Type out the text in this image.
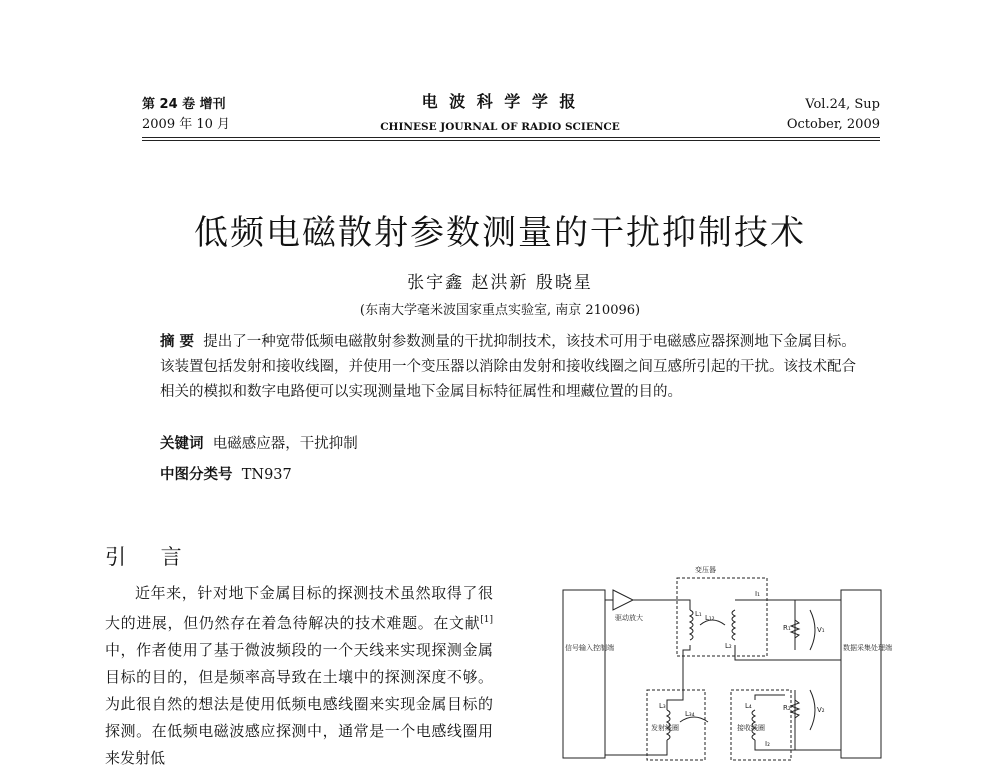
第 24 卷 增刊
2009 年 10 月
电 波 科 学 学 报
CHINESE JOURNAL OF RADIO SCIENCE
Vol.24, Sup
October, 2009
低频电磁散射参数测量的干扰抑制技术
张宇鑫 赵洪新 殷晓星
(东南大学毫米波国家重点实验室, 南京 210096)
摘 要 提出了一种宽带低频电磁散射参数测量的干扰抑制技术，该技术可用于电磁感应器探测地下金属目标。该装置包括发射和接收线圈，并使用一个变压器以消除由发射和接收线圈之间互感所引起的干扰。该技术配合相关的模拟和数字电路便可以实现测量地下金属目标特征属性和埋藏位置的目的。
关键词 电磁感应器，干扰抑制
中图分类号 TN937
引 言
近年来，针对地下金属目标的探测技术虽然取得了很大的进展，但仍然存在着急待解决的技术难题。在文献[1]中，作者使用了基于微波频段的一个天线来实现探测金属目标的目的，但是频率高导致在土壤中的探测深度不够。为此很自然的想法是使用低频电感线圈来实现金属目标的探测。在低频电磁波感应探测中，通常是一个电感线圈用来发射低
变压器
信号输入控制端	数据采集处理端
驱动放大
发射线圈	接收线圈
L₁
L₂
L₁₂
L₃₄
L₃	L₄
R₁
R₂
V₁
V₂
I₁
I₂
